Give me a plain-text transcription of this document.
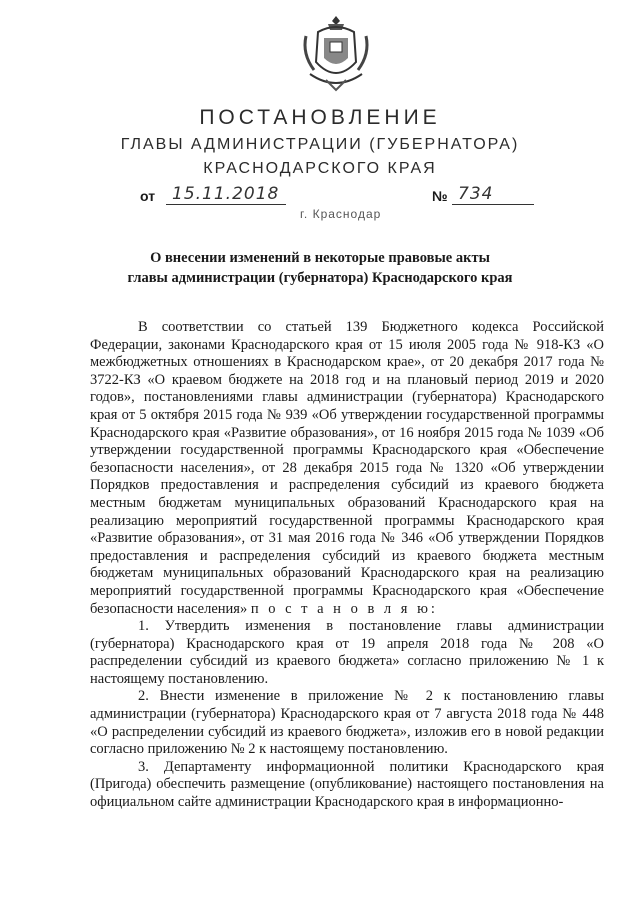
ПОСТАНОВЛЕНИЕ
ГЛАВЫ АДМИНИСТРАЦИИ (ГУБЕРНАТОРА)
КРАСНОДАРСКОГО КРАЯ
от 15.11.2018	№ 734
г. Краснодар
О внесении изменений в некоторые правовые акты
главы администрации (губернатора) Краснодарского края

В соответствии со статьей 139 Бюджетного кодекса Российской Федерации, законами Краснодарского края от 15 июля 2005 года № 918-КЗ «О межбюджетных отношениях в Краснодарском крае», от 20 декабря 2017 года № 3722-КЗ «О краевом бюджете на 2018 год и на плановый период 2019 и 2020 годов», постановлениями главы администрации (губернатора) Краснодарского края от 5 октября 2015 года № 939 «Об утверждении государственной программы Краснодарского края «Развитие образования», от 16 ноября 2015 года № 1039 «Об утверждении государственной программы Краснодарского края «Обеспечение безопасности населения», от 28 декабря 2015 года № 1320 «Об утверждении Порядков предоставления и распределения субсидий из краевого бюджета местным бюджетам муниципальных образований Краснодарского края на реализацию мероприятий государственной программы Краснодарского края «Развитие образования», от 31 мая 2016 года № 346 «Об утверждении Порядков предоставления и распределения субсидий из краевого бюджета местным бюджетам муниципальных образований Краснодарского края на реализацию мероприятий государственной программы Краснодарского края «Обеспечение безопасности населения» п о с т а н о в л я ю:

1. Утвердить изменения в постановление главы администрации (губернатора) Краснодарского края от 19 апреля 2018 года № 208 «О распределении субсидий из краевого бюджета» согласно приложению № 1 к настоящему постановлению.

2. Внести изменение в приложение № 2 к постановлению главы администрации (губернатора) Краснодарского края от 7 августа 2018 года № 448 «О распределении субсидий из краевого бюджета», изложив его в новой редакции согласно приложению № 2 к настоящему постановлению.

3. Департаменту информационной политики Краснодарского края (Пригода) обеспечить размещение (опубликование) настоящего постановления на официальном сайте администрации Краснодарского края в информационно-
